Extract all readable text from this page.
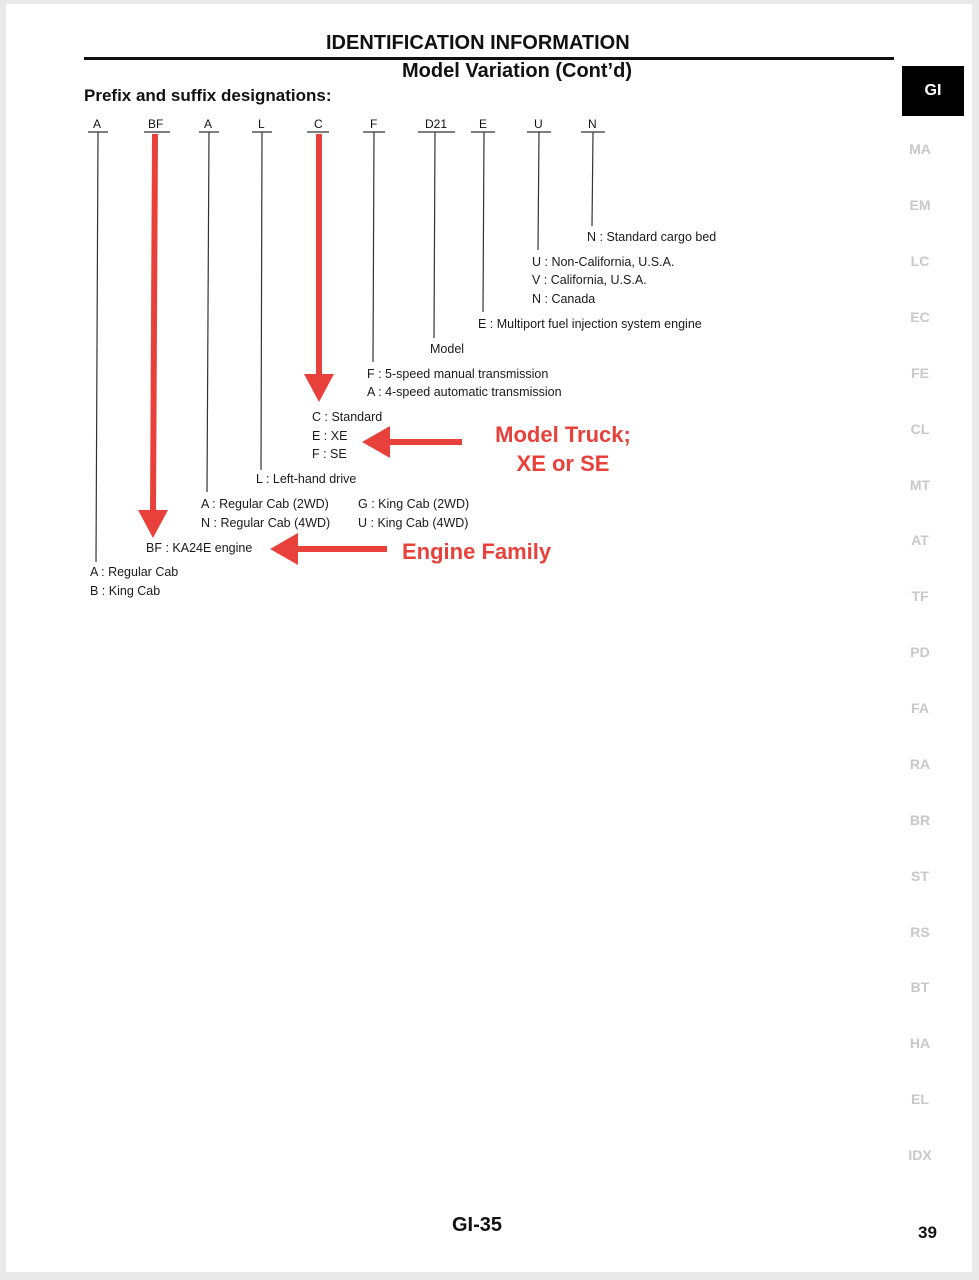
IDENTIFICATION INFORMATION
Model Variation (Cont’d)
Prefix and suffix designations:
A	BF	A	L	C	F	D21	E	U	N
N : Standard cargo bed
U : Non-California, U.S.A.
V : California, U.S.A.
N : Canada
E : Multiport fuel injection system engine
Model
F : 5-speed manual transmission
A : 4-speed automatic transmission
C : Standard
E : XE
F : SE
L : Left-hand drive
A : Regular Cab (2WD) G : King Cab (2WD)
N : Regular Cab (4WD) U : King Cab (4WD)
BF : KA24E engine
A : Regular Cab
B : King Cab
Model Truck;
XE or SE
Engine Family
GI
MA
EM
LC
EC
FE
CL
MT
AT
TF
PD
FA
RA
BR
ST
RS
BT
HA
EL
IDX
GI-35	39
